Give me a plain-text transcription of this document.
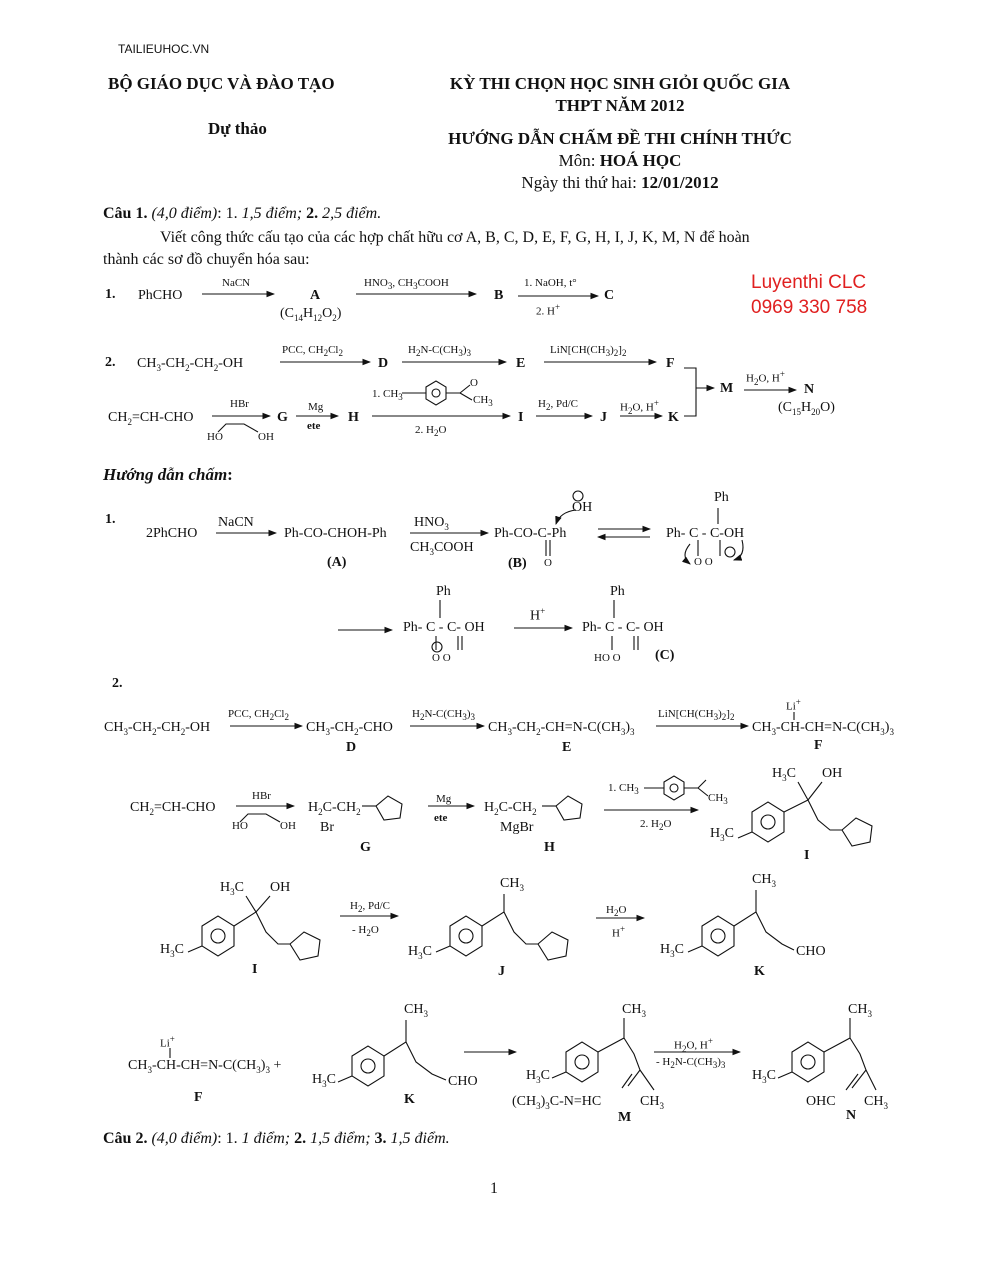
TAILIEUHOC.VN
BỘ GIÁO DỤC VÀ ĐÀO TẠO
Dự thảo
KỲ THI CHỌN HỌC SINH GIỎI QUỐC GIA
THPT NĂM 2012
HƯỚNG DẪN CHẤM ĐỀ THI CHÍNH THỨC
Môn: HOÁ HỌC
Ngày thi thứ hai: 12/01/2012
Câu 1. (4,0 điểm): 1. 1,5 điểm; 2. 2,5 điểm.
Viết công thức cấu tạo của các hợp chất hữu cơ A, B, C, D, E, F, G, H, I, J, K, M, N để hoàn
thành các sơ đồ chuyển hóa sau:
Luyenthi CLC
0969 330 758
1. PhCHO
NaCN
A
$(C_{14}H_{12}O_2)$
$HNO_3$, $CH_3COOH$
B
1. NaOH, t°
2. H+
C
2. $CH_3-CH_2-CH_2-OH$
PCC, $CH_2Cl_2$
D
$H_2N-C(CH_3)_3$
E
$LiN[CH(CH_3)_2]_2$
F
M
$H_2O$, H+
N
$(C_{15}H_{20}O)$
$CH_2=CH$-CHO
HBr
HO	OH
G
Mg
ete
H
1. $CH_3$	$CH_3$
O
2. $H_2O$
I
$H_2$, Pd/C
J
$H_2O$, H+
K
Hướng dẫn chấm:
1.
2PhCHO
NaCN
Ph-CO-CHOH-Ph
(A)
$HNO_3$
$CH_3COOH$
Ph-CO-C-Ph
(B) O
OH
Ph
Ph- C - C-OH
O O
Ph
Ph- C - C- OH
O O
H+
Ph
Ph- C - C- OH
HO O (C)
2.
$CH_3-CH_2-CH_2-OH$
PCC, $CH_2Cl_2$
$CH_3-CH_2$-CHO
D
$H_2N-C(CH_3)_3$
$CH_3-CH_2-CH=N-C(CH_3)_3$
E
$LiN[CH(CH_3)_2]_2$
Li+
$CH_3-CH-CH=N-C(CH_3)_3$
F
$CH_2=CH$-CHO
HBr
HO	OH
$H_2C-CH_2$
Br
G
Mg
ete
$H_2C-CH_2$
MgBr
H
1. $CH_3$
$CH_3$
2. $H_2O$
$H_3C$ OH
$H_3C$
I
$H_3C$ OH
$H_3C$
I
$H_2$, Pd/C
- $H_2O$
$CH_3$
$H_3C$
J
$H_2O$
H+
$CH_3$
$H_3C$	CHO
K
Li+
$CH_3-CH-CH=N-C(CH_3)_3$ +
F
$CH_3$
$H_3C$	CHO
K
$CH_3$
$H_3C$
$(CH_3)_3C-N=HC$	$CH_3$
M
$H_2O$, H+
- $H_2N-C(CH_3)_3$
$CH_3$
$H_3C$
OHC $CH_3$
N
Câu 2. (4,0 điểm): 1. 1 điểm; 2. 1,5 điểm; 3. 1,5 điểm.
1
